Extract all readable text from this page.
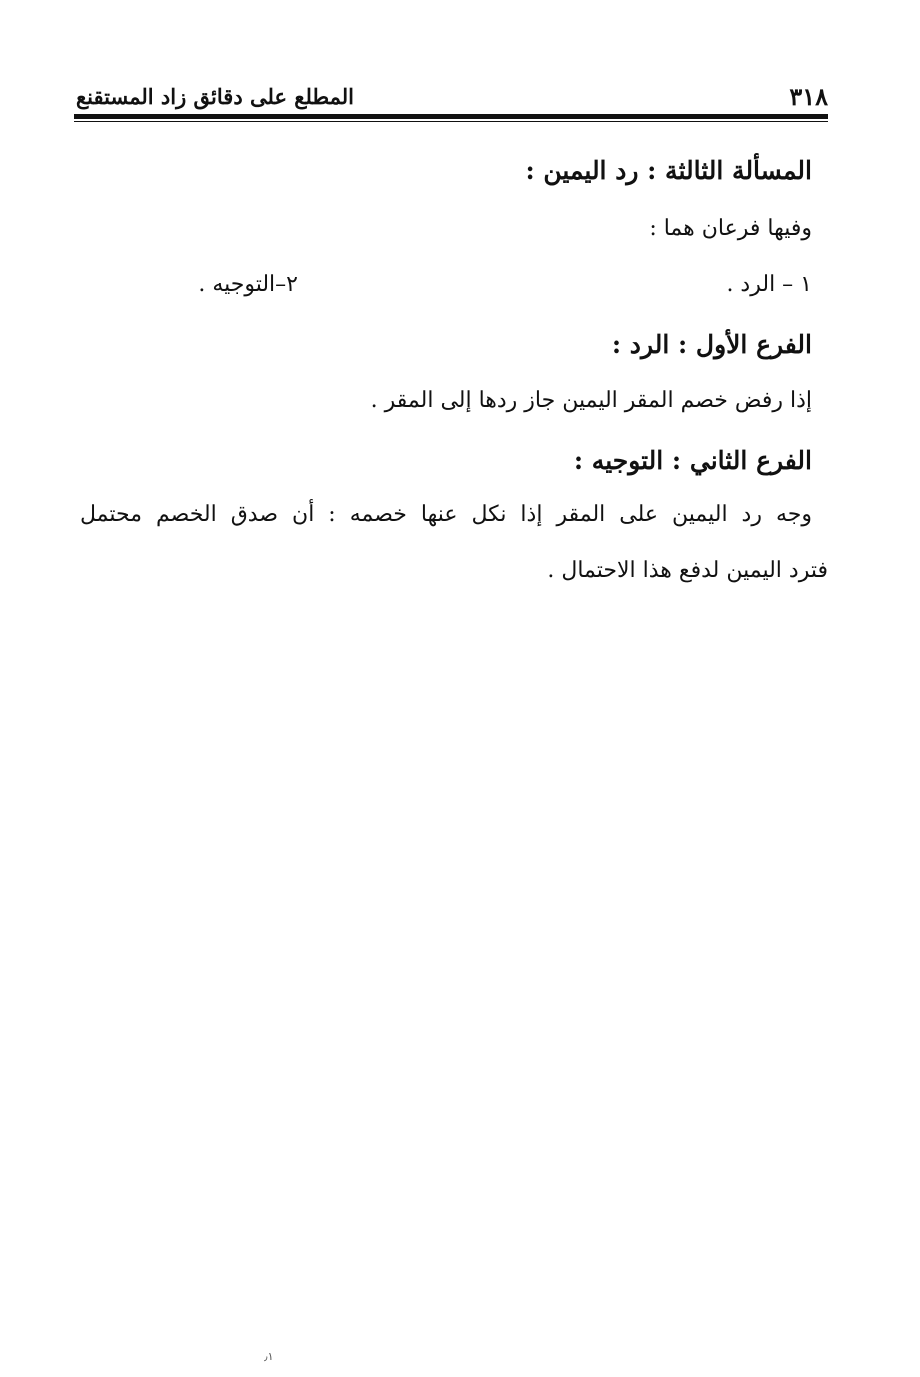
٣١٨
المطلع على دقائق زاد المستقنع
المسألة الثالثة : رد اليمين :
وفيها فرعان هما :
١ – الرد .
٢–التوجيه .
الفرع الأول : الرد :
إذا رفض خصم المقر اليمين جاز ردها إلى المقر .
الفرع الثاني : التوجيه :
وجه رد اليمين على المقر إذا نكل عنها خصمه : أن صدق الخصم محتمل
فترد اليمين لدفع هذا الاحتمال .
٫١
